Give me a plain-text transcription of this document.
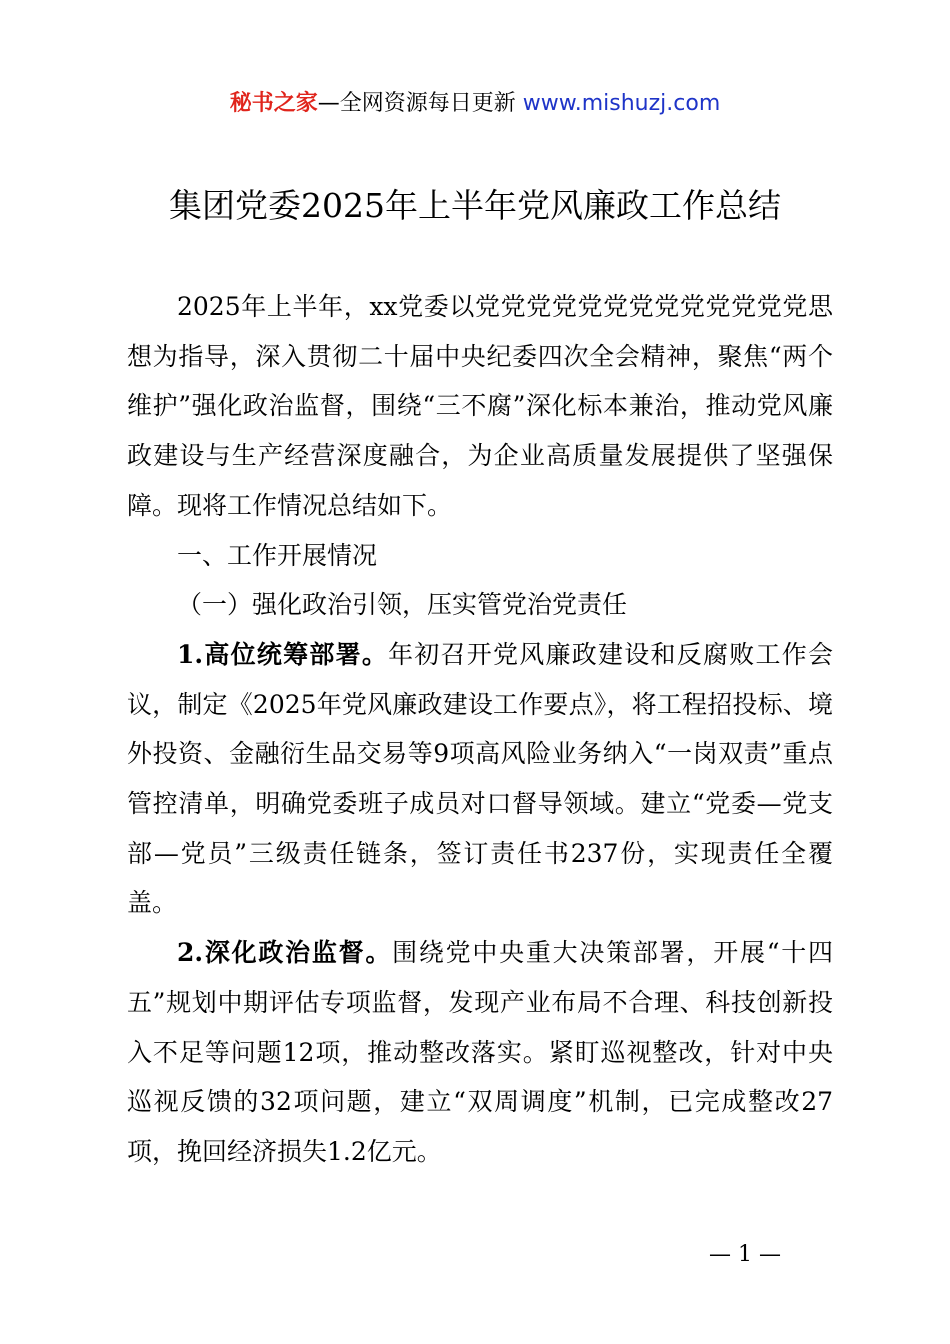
秘书之家—全网资源每日更新 www.mishuzj.com
集团党委2025年上半年党风廉政工作总结

2025年上半年，xx党委以党党党党党党党党党党党党党思想为指导，深入贯彻二十届中央纪委四次全会精神，聚焦“两个维护”强化政治监督，围绕“三不腐”深化标本兼治，推动党风廉政建设与生产经营深度融合，为企业高质量发展提供了坚强保障。现将工作情况总结如下。

一、工作开展情况

（一）强化政治引领，压实管党治党责任

1.高位统筹部署。年初召开党风廉政建设和反腐败工作会议，制定《2025年党风廉政建设工作要点》，将工程招投标、境外投资、金融衍生品交易等9项高风险业务纳入“一岗双责”重点管控清单，明确党委班子成员对口督导领域。建立“党委—党支部—党员”三级责任链条，签订责任书237份，实现责任全覆盖。

2.深化政治监督。围绕党中央重大决策部署，开展“十四五”规划中期评估专项监督，发现产业布局不合理、科技创新投入不足等问题12项，推动整改落实。紧盯巡视整改，针对中央巡视反馈的32项问题，建立“双周调度”机制，已完成整改27项，挽回经济损失1.2亿元。

— 1 —
